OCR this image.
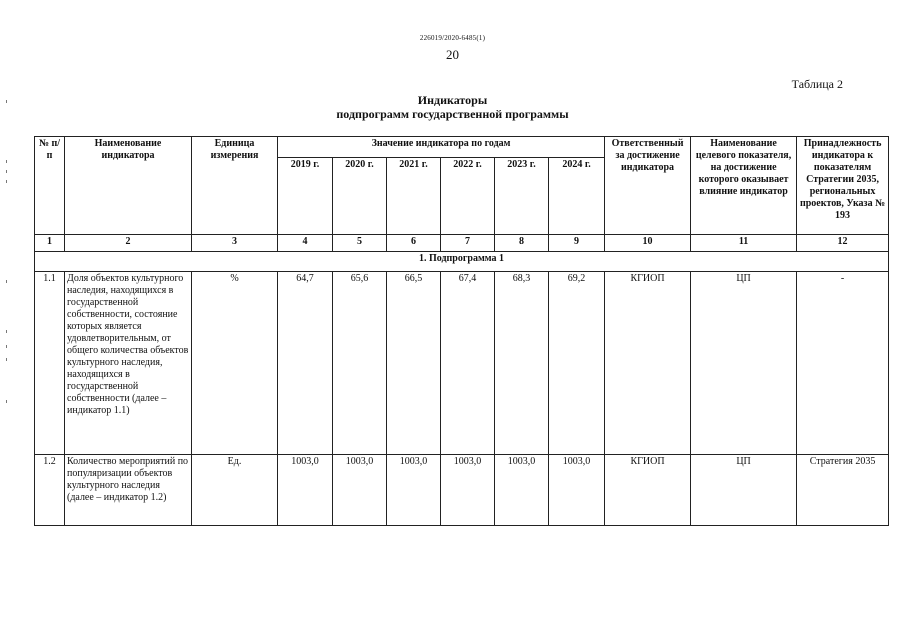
226019/2020-6485(1)
20
Таблица 2
Индикаторы
подпрограмм государственной программы
№ п/п	Наименование индикатора	Единица измерения	Значение индикатора по годам						Ответственный за достижение индикатора	Наименование целевого показателя, на достижение которого оказывает влияние индикатор	Принадлежность индикатора к показателям Стратегии 2035, региональных проектов, Указа № 193
			2019 г.	2020 г.	2021 г.	2022 г.	2023 г.	2024 г.			
1	2	3	4	5	6	7	8	9	10	11	12
1. Подпрограмма 1											
1.1	Доля объектов культурного наследия, находящихся в государственной собственности, состояние которых является удовлетворительным, от общего количества объектов культурного наследия, находящихся в государственной собственности (далее – индикатор 1.1)	%	64,7	65,6	66,5	67,4	68,3	69,2	КГИОП	ЦП	-
1.2	Количество мероприятий по популяризации объектов культурного наследия (далее – индикатор 1.2)	Ед.	1003,0	1003,0	1003,0	1003,0	1003,0	1003,0	КГИОП	ЦП	Стратегия 2035
